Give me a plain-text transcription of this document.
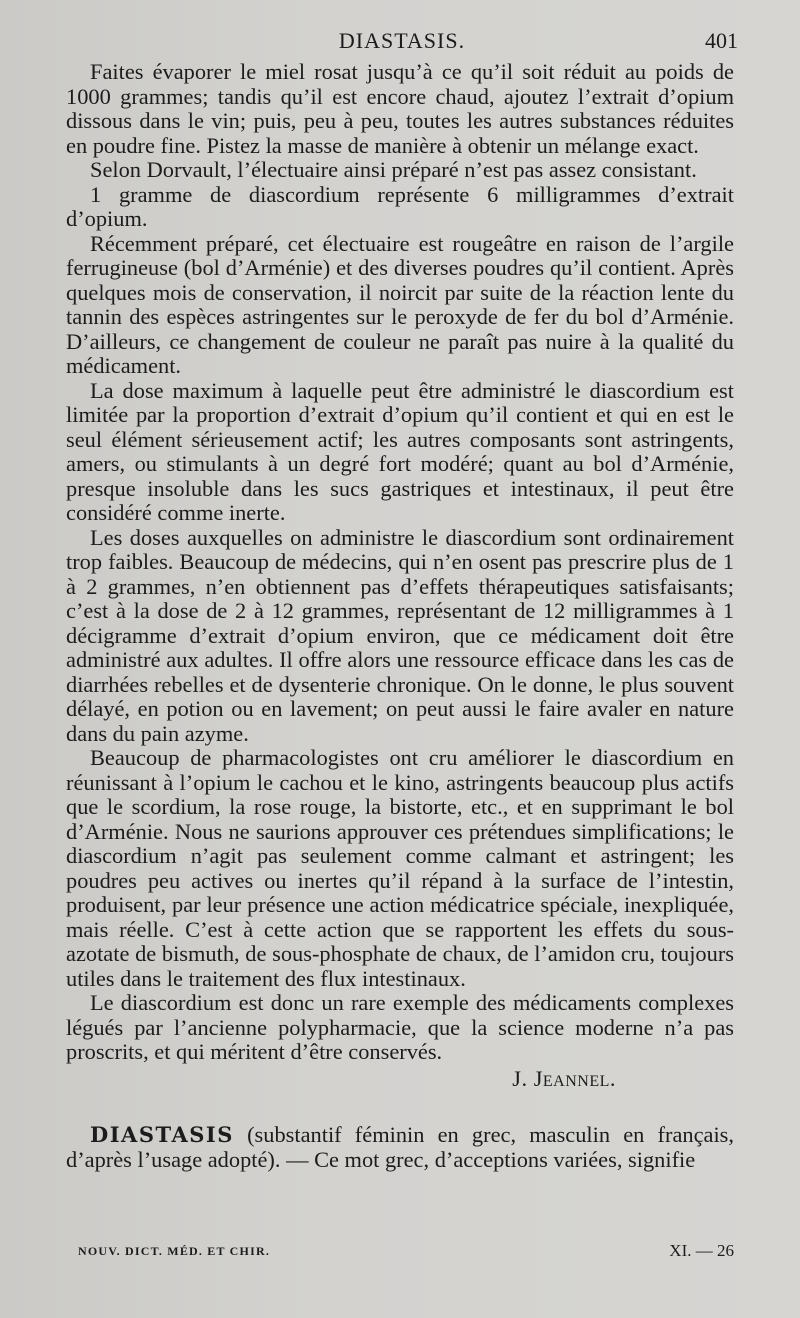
DIASTASIS.	401

Faites évaporer le miel rosat jusqu’à ce qu’il soit réduit au poids de 1000 grammes; tandis qu’il est encore chaud, ajoutez l’extrait d’opium dissous dans le vin; puis, peu à peu, toutes les autres substances réduites en poudre fine. Pistez la masse de manière à obtenir un mélange exact.

Selon Dorvault, l’électuaire ainsi préparé n’est pas assez consistant.

1 gramme de diascordium représente 6 milligrammes d’extrait d’opium.

Récemment préparé, cet électuaire est rougeâtre en raison de l’argile ferrugineuse (bol d’Arménie) et des diverses poudres qu’il contient. Après quelques mois de conservation, il noircit par suite de la réaction lente du tannin des espèces astringentes sur le peroxyde de fer du bol d’Arménie. D’ailleurs, ce changement de couleur ne paraît pas nuire à la qualité du médicament.

La dose maximum à laquelle peut être administré le diascordium est limitée par la proportion d’extrait d’opium qu’il contient et qui en est le seul élément sérieusement actif; les autres composants sont astringents, amers, ou stimulants à un degré fort modéré; quant au bol d’Arménie, presque insoluble dans les sucs gastriques et intestinaux, il peut être considéré comme inerte.

Les doses auxquelles on administre le diascordium sont ordinairement trop faibles. Beaucoup de médecins, qui n’en osent pas prescrire plus de 1 à 2 grammes, n’en obtiennent pas d’effets thérapeutiques satisfaisants; c’est à la dose de 2 à 12 grammes, représentant de 12 milligrammes à 1 décigramme d’extrait d’opium environ, que ce médicament doit être administré aux adultes. Il offre alors une ressource efficace dans les cas de diarrhées rebelles et de dysenterie chronique. On le donne, le plus souvent délayé, en potion ou en lavement; on peut aussi le faire avaler en nature dans du pain azyme.

Beaucoup de pharmacologistes ont cru améliorer le diascordium en réunissant à l’opium le cachou et le kino, astringents beaucoup plus actifs que le scordium, la rose rouge, la bistorte, etc., et en supprimant le bol d’Arménie. Nous ne saurions approuver ces prétendues simplifications; le diascordium n’agit pas seulement comme calmant et astringent; les poudres peu actives ou inertes qu’il répand à la surface de l’intestin, produisent, par leur présence une action médicatrice spéciale, inexpliquée, mais réelle. C’est à cette action que se rapportent les effets du sous-azotate de bismuth, de sous-phosphate de chaux, de l’amidon cru, toujours utiles dans le traitement des flux intestinaux.

Le diascordium est donc un rare exemple des médicaments complexes légués par l’ancienne polypharmacie, que la science moderne n’a pas proscrits, et qui méritent d’être conservés.

J. Jeannel.

DIASTASIS (substantif féminin en grec, masculin en français, d’après l’usage adopté). — Ce mot grec, d’acceptions variées, signifie

NOUV. DICT. MÉD. ET CHIR.	XI. — 26
